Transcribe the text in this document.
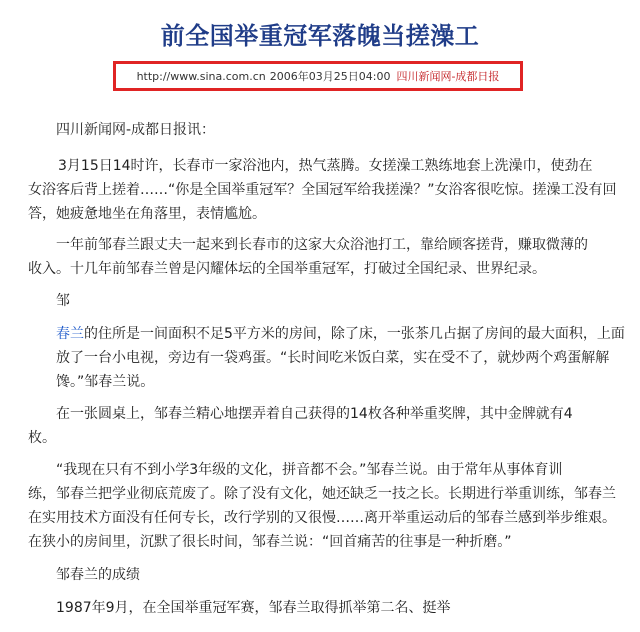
前全国举重冠军落魄当搓澡工
http://www.sina.com.cn 2006年03月25日04:00 四川新闻网-成都日报

四川新闻网-成都日报讯：

3月15日14时许，长春市一家浴池内，热气蒸腾。女搓澡工熟练地套上洗澡巾，使劲在
女浴客后背上搓着……“你是全国举重冠军？全国冠军给我搓澡？”女浴客很吃惊。搓澡工没有回答，她疲惫地坐在角落里，表情尴尬。
一年前邹春兰跟丈夫一起来到长春市的这家大众浴池打工，靠给顾客搓背，赚取微薄的
收入。十几年前邹春兰曾是闪耀体坛的全国举重冠军，打破过全国纪录、世界纪录。

邹

春兰的住所是一间面积不足5平方米的房间，除了床，一张茶几占据了房间的最大面积，上面放了一台小电视，旁边有一袋鸡蛋。“长时间吃米饭白菜，实在受不了，就炒两个鸡蛋解解馋。”邹春兰说。

在一张圆桌上，邹春兰精心地摆弄着自己获得的14枚各种举重奖牌，其中金牌就有4
枚。
“我现在只有不到小学3年级的文化，拼音都不会。”邹春兰说。由于常年从事体育训
练，邹春兰把学业彻底荒废了。除了没有文化，她还缺乏一技之长。长期进行举重训练，邹春兰在实用技术方面没有任何专长，改行学别的又很慢……离开举重运动后的邹春兰感到举步维艰。在狭小的房间里，沉默了很长时间，邹春兰说：“回首痛苦的往事是一种折磨。”

邹春兰的成绩

1987年9月，在全国举重冠军赛，邹春兰取得抓举第二名、挺举
